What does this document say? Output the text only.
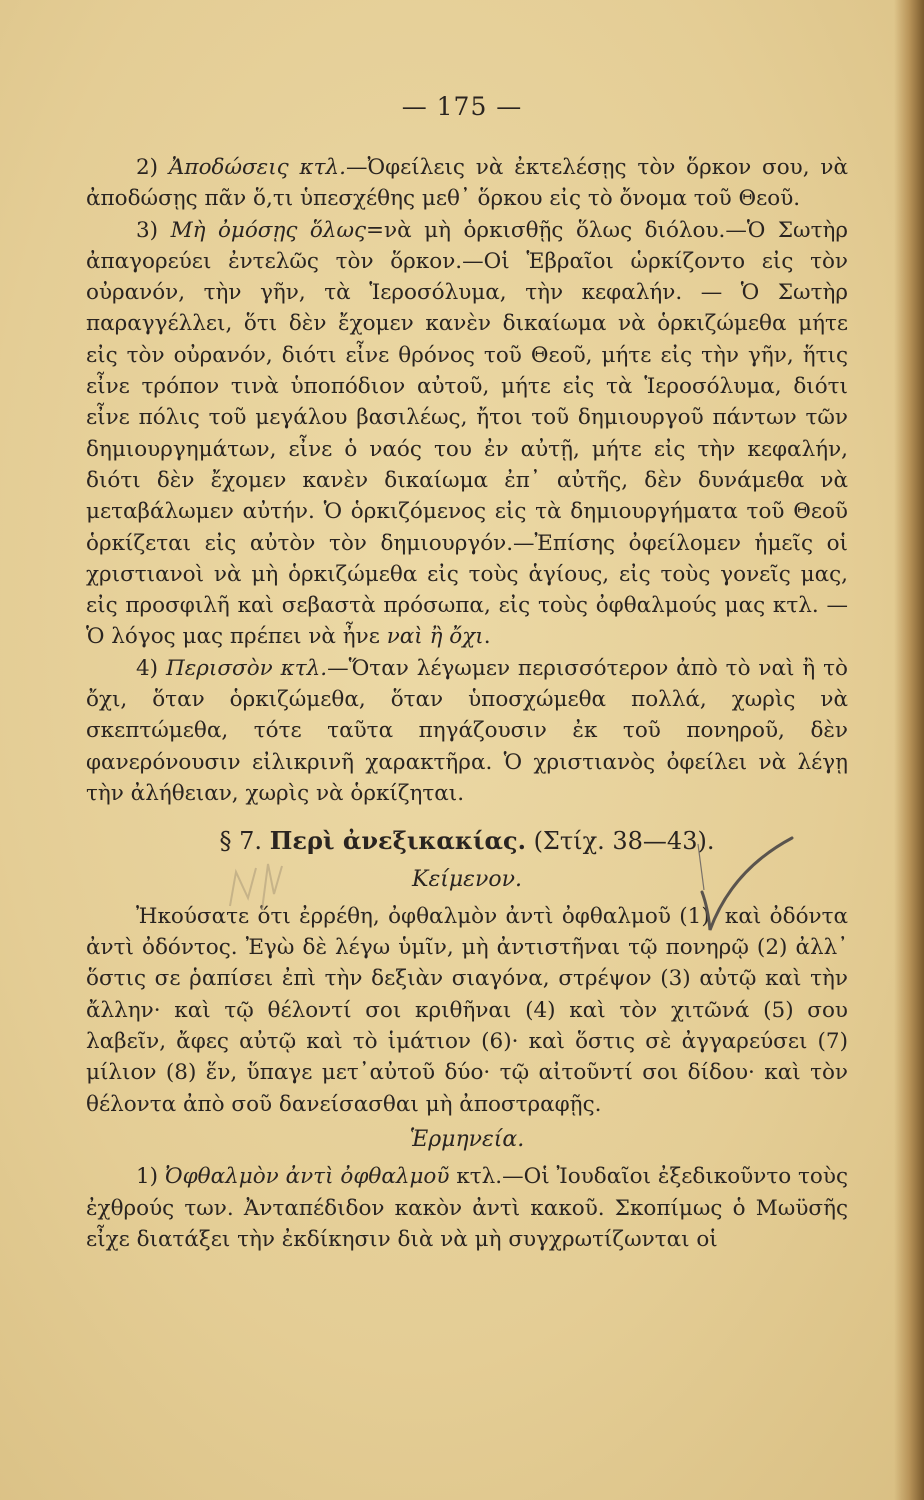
— 175 —

2) Ἀποδώσεις κτλ.—Ὀφείλεις νὰ ἐκτελέσῃς τὸν ὅρκον σου, νὰ ἀποδώσῃς πᾶν ὅ,τι ὑπεσχέθης μεθ᾽ ὅρκου εἰς τὸ ὄνομα τοῦ Θεοῦ.

3) Μὴ ὀμόσῃς ὅλως=νὰ μὴ ὁρκισθῇς ὅλως διόλου.—Ὁ Σωτὴρ ἀπαγορεύει ἐντελῶς τὸν ὅρκον.—Οἱ Ἑβραῖοι ὡρκίζοντο εἰς τὸν οὐρανόν, τὴν γῆν, τὰ Ἱεροσόλυμα, τὴν κεφαλήν. — Ὁ Σωτὴρ παραγγέλλει, ὅτι δὲν ἔχομεν κανὲν δικαίωμα νὰ ὁρκιζώμεθα μήτε εἰς τὸν οὐρανόν, διότι εἶνε θρόνος τοῦ Θεοῦ, μήτε εἰς τὴν γῆν, ἥτις εἶνε τρόπον τινὰ ὑποπόδιον αὐτοῦ, μήτε εἰς τὰ Ἱεροσόλυμα, διότι εἶνε πόλις τοῦ μεγάλου βασιλέως, ἤτοι τοῦ δημιουργοῦ πάντων τῶν δημιουργημάτων, εἶνε ὁ ναός του ἐν αὐτῇ, μήτε εἰς τὴν κεφαλήν, διότι δὲν ἔχομεν κανὲν δικαίωμα ἐπ᾽ αὐτῆς, δὲν δυνάμεθα νὰ μεταβάλωμεν αὐτήν. Ὁ ὁρκιζόμενος εἰς τὰ δημιουργήματα τοῦ Θεοῦ ὁρκίζεται εἰς αὐτὸν τὸν δημιουργόν.—Ἐπίσης ὀφείλομεν ἡμεῖς οἱ χριστιανοὶ νὰ μὴ ὁρκιζώμεθα εἰς τοὺς ἁγίους, εἰς τοὺς γονεῖς μας, εἰς προσφιλῆ καὶ σεβαστὰ πρόσωπα, εἰς τοὺς ὀφθαλμούς μας κτλ. —Ὁ λόγος μας πρέπει νὰ ἦνε ναὶ ἢ ὄχι.

4) Περισσὸν κτλ.—Ὅταν λέγωμεν περισσότερον ἀπὸ τὸ ναὶ ἢ τὸ ὄχι, ὅταν ὁρκιζώμεθα, ὅταν ὑποσχώμεθα πολλά, χωρὶς νὰ σκεπτώμεθα, τότε ταῦτα πηγάζουσιν ἐκ τοῦ πονηροῦ, δὲν φανερόνουσιν εἰλικρινῆ χαρακτῆρα. Ὁ χριστιανὸς ὀφείλει νὰ λέγῃ τὴν ἀλήθειαν, χωρὶς νὰ ὁρκίζηται.

§ 7. Περὶ ἀνεξικακίας. (Στίχ. 38—43).
Κείμενον.

Ἠκούσατε ὅτι ἐρρέθη, ὀφθαλμὸν ἀντὶ ὀφθαλμοῦ (1), καὶ ὀδόντα ἀντὶ ὀδόντος. Ἐγὼ δὲ λέγω ὑμῖν, μὴ ἀντιστῆναι τῷ πονηρῷ (2) ἀλλ᾽ ὅστις σε ῥαπίσει ἐπὶ τὴν δεξιὰν σιαγόνα, στρέψον (3) αὐτῷ καὶ τὴν ἄλλην· καὶ τῷ θέλοντί σοι κριθῆναι (4) καὶ τὸν χιτῶνά (5) σου λαβεῖν, ἄφες αὐτῷ καὶ τὸ ἱμάτιον (6)· καὶ ὅστις σὲ ἀγγαρεύσει (7) μίλιον (8) ἕν, ὕπαγε μετ᾽αὐτοῦ δύο· τῷ αἰτοῦντί σοι δίδου· καὶ τὸν θέλοντα ἀπὸ σοῦ δανείσασθαι μὴ ἀποστραφῇς.

Ἑρμηνεία.

1) Ὀφθαλμὸν ἀντὶ ὀφθαλμοῦ κτλ.—Οἱ Ἰουδαῖοι ἐξεδικοῦντο τοὺς ἐχθρούς των. Ἀνταπέδιδον κακὸν ἀντὶ κακοῦ. Σκοπίμως ὁ Μωϋσῆς εἶχε διατάξει τὴν ἐκδίκησιν διὰ νὰ μὴ συγχρωτίζωνται οἱ
